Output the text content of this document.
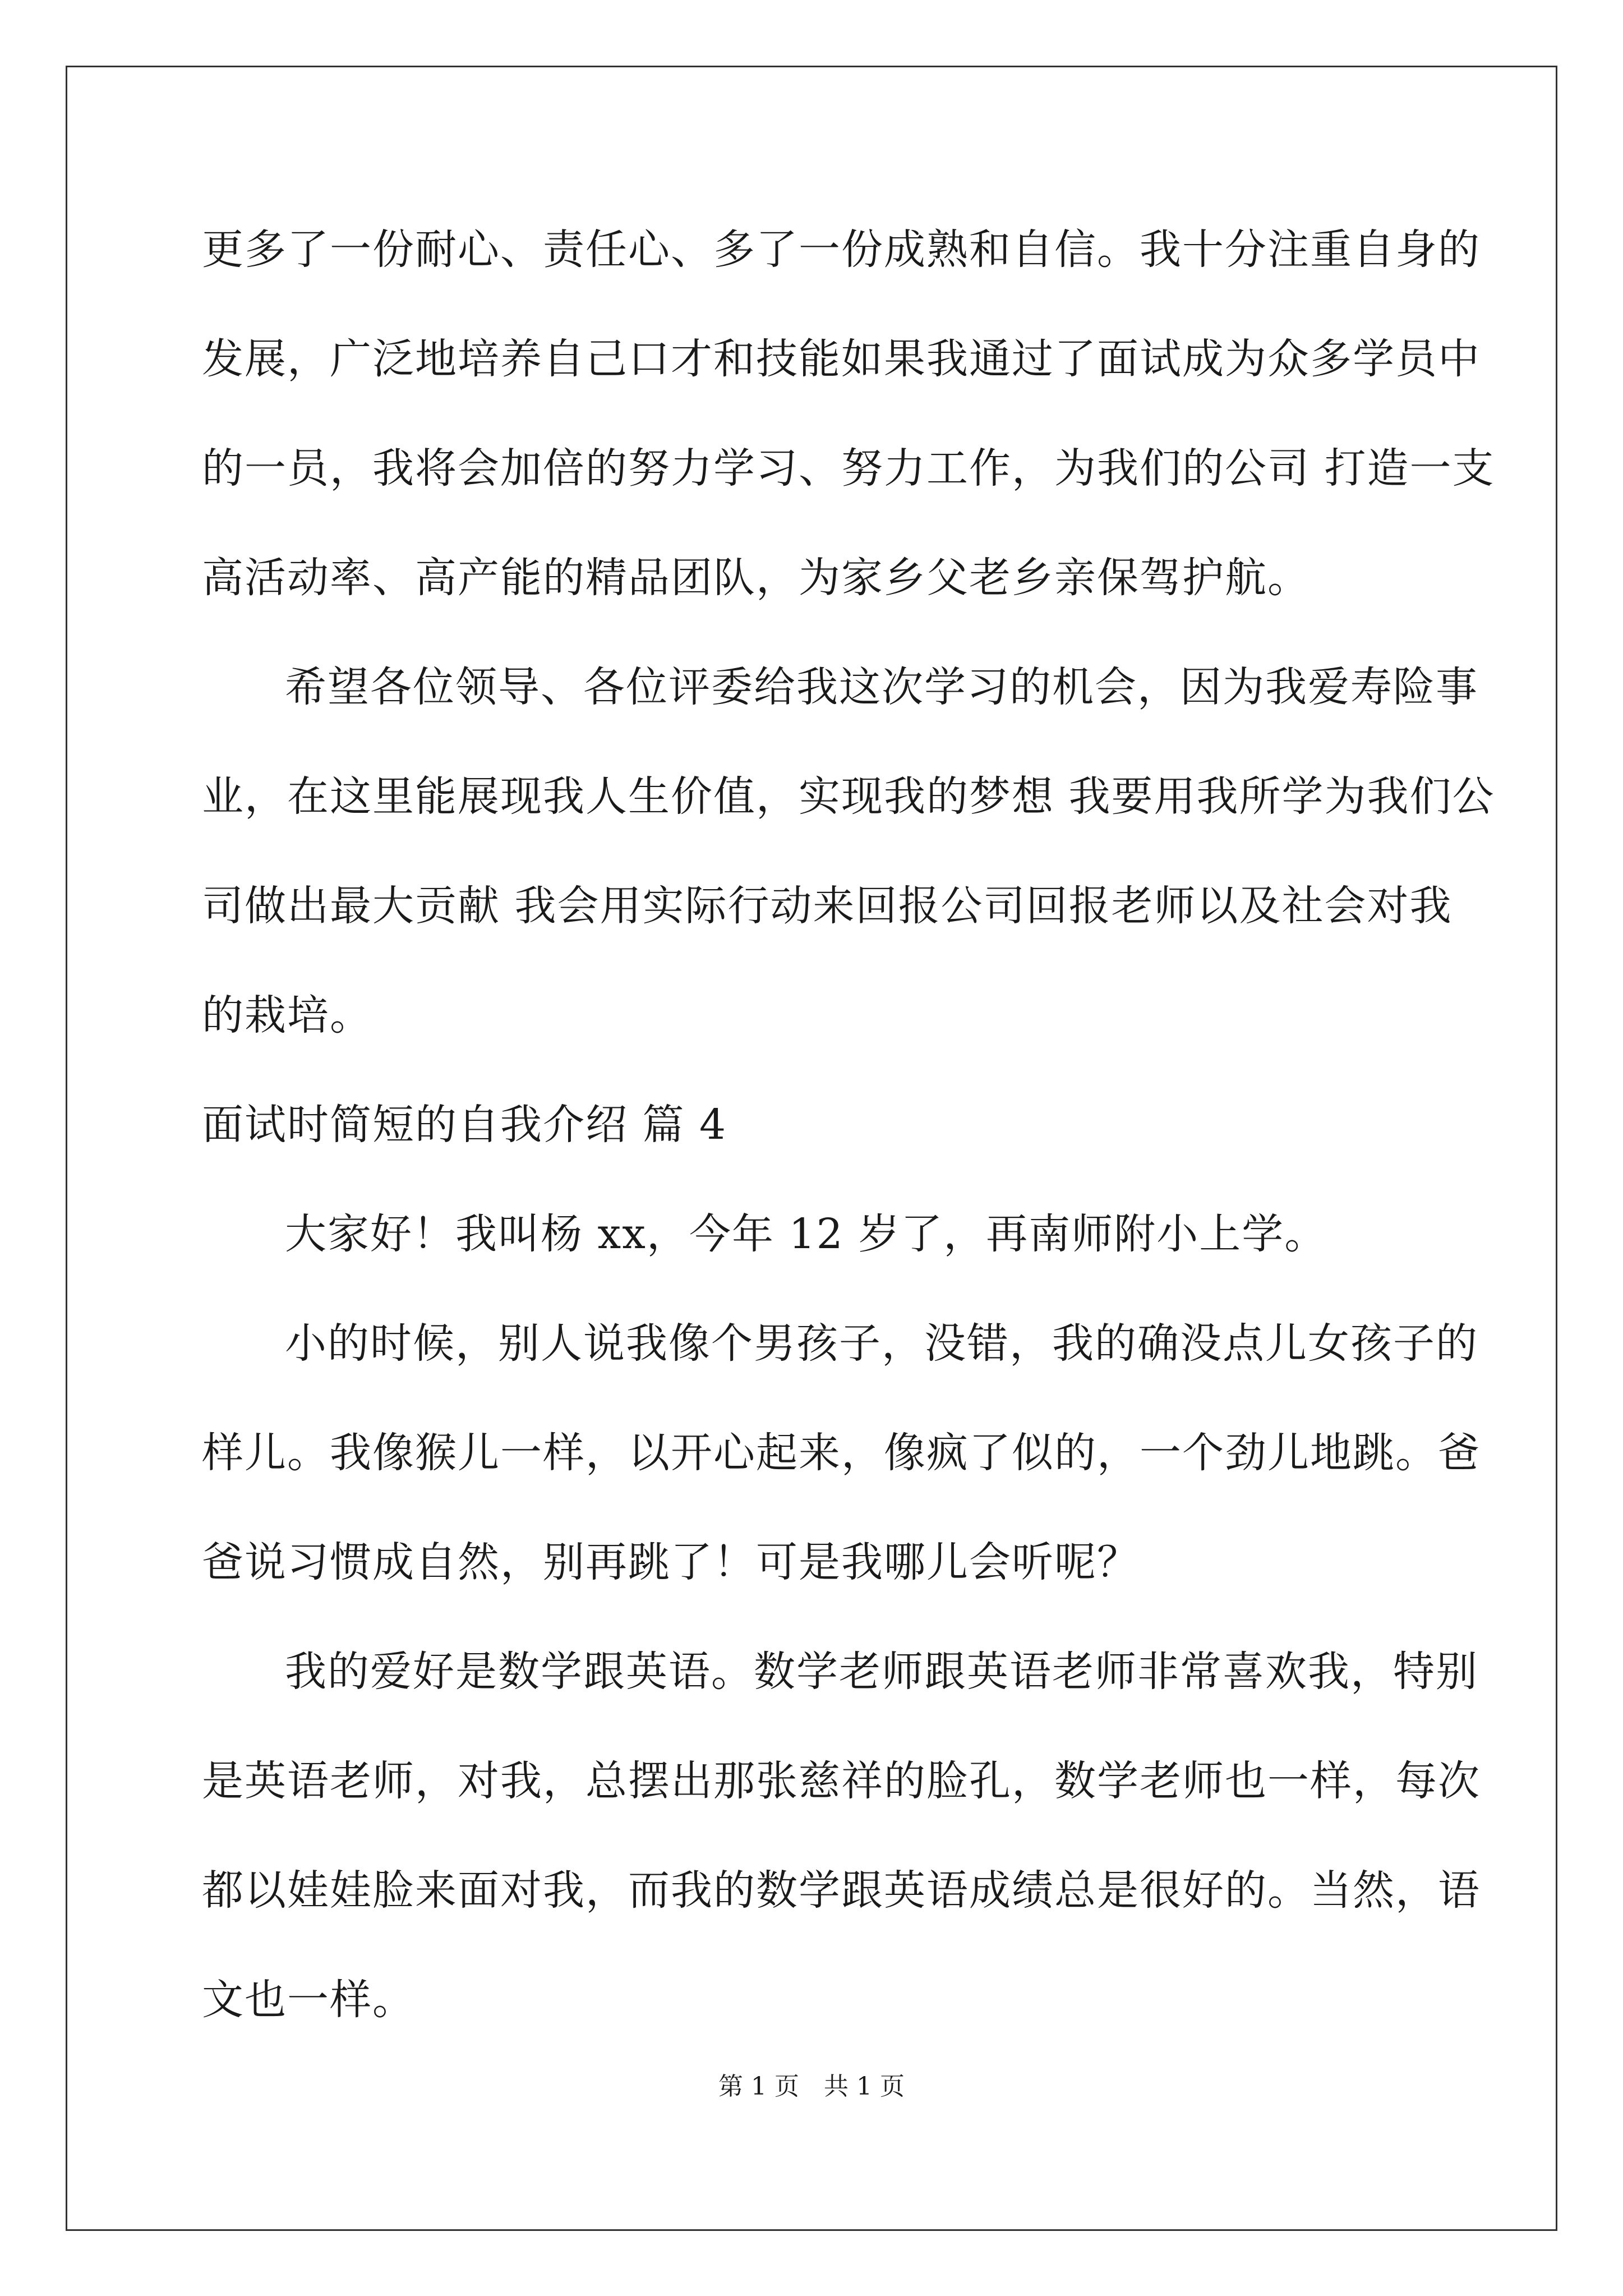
更多了一份耐心、责任心、多了一份成熟和自信。我十分注重自身的
发展，广泛地培养自己口才和技能如果我通过了面试成为众多学员中
的一员，我将会加倍的努力学习、努力工作，为我们的公司 打造一支
高活动率、高产能的精品团队，为家乡父老乡亲保驾护航。
希望各位领导、各位评委给我这次学习的机会，因为我爱寿险事
业，在这里能展现我人生价值，实现我的梦想 我要用我所学为我们公
司做出最大贡献 我会用实际行动来回报公司回报老师以及社会对我
的栽培。
面试时简短的自我介绍 篇 4
大家好！我叫杨 xx，今年 12 岁了，再南师附小上学。
小的时候，别人说我像个男孩子，没错，我的确没点儿女孩子的
样儿。我像猴儿一样，以开心起来，像疯了似的，一个劲儿地跳。爸
爸说习惯成自然，别再跳了！可是我哪儿会听呢？
我的爱好是数学跟英语。数学老师跟英语老师非常喜欢我，特别
是英语老师，对我，总摆出那张慈祥的脸孔，数学老师也一样，每次
都以娃娃脸来面对我，而我的数学跟英语成绩总是很好的。当然，语
文也一样。
第 1 页　共 1 页
